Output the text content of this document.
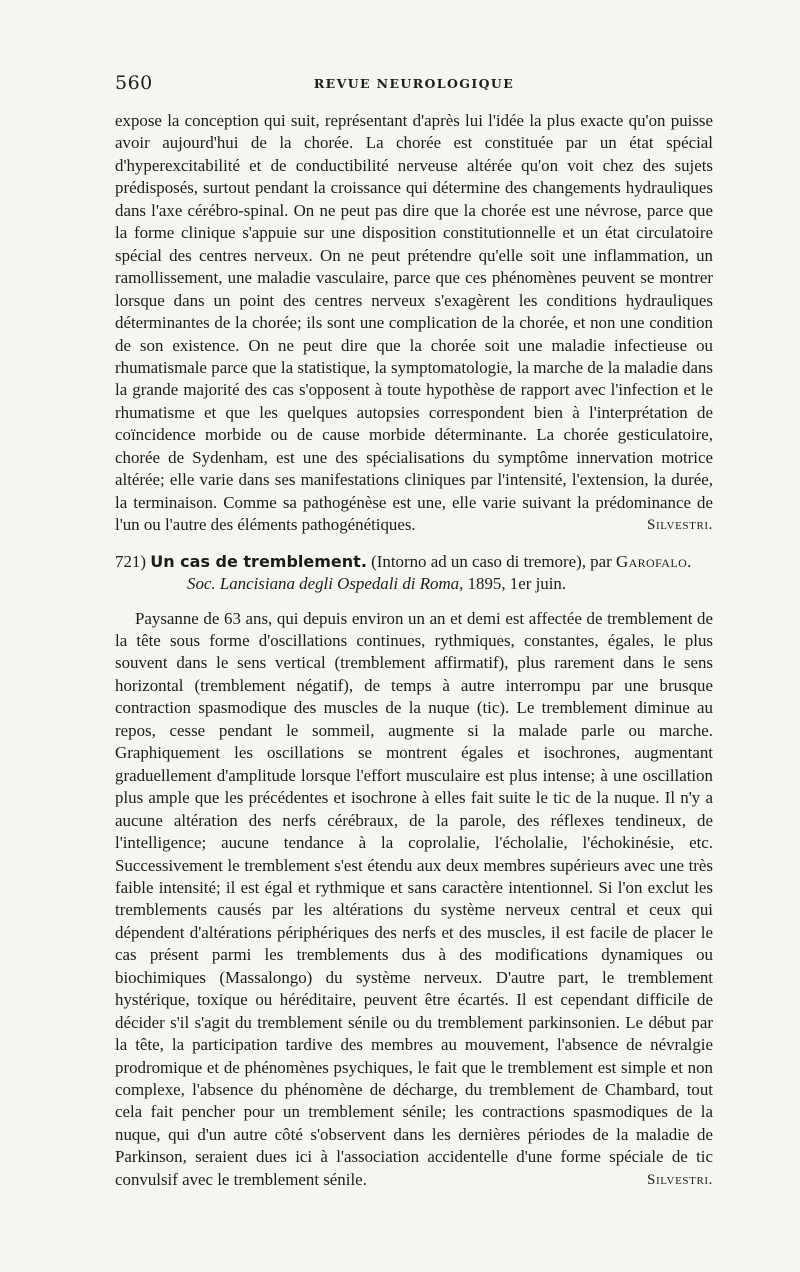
560	REVUE NEUROLOGIQUE

expose la conception qui suit, représentant d'après lui l'idée la plus exacte qu'on puisse avoir aujourd'hui de la chorée. La chorée est constituée par un état spécial d'hyperexcitabilité et de conductibilité nerveuse altérée qu'on voit chez des sujets prédisposés, surtout pendant la croissance qui détermine des changements hydrauliques dans l'axe cérébro-spinal. On ne peut pas dire que la chorée est une névrose, parce que la forme clinique s'appuie sur une disposition constitutionnelle et un état circulatoire spécial des centres nerveux. On ne peut prétendre qu'elle soit une inflammation, un ramollissement, une maladie vasculaire, parce que ces phénomènes peuvent se montrer lorsque dans un point des centres nerveux s'exagèrent les conditions hydrauliques déterminantes de la chorée; ils sont une complication de la chorée, et non une condition de son existence. On ne peut dire que la chorée soit une maladie infectieuse ou rhumatismale parce que la statistique, la symptomatologie, la marche de la maladie dans la grande majorité des cas s'opposent à toute hypothèse de rapport avec l'infection et le rhumatisme et que les quelques autopsies correspondent bien à l'interprétation de coïncidence morbide ou de cause morbide déterminante. La chorée gesticulatoire, chorée de Sydenham, est une des spécialisations du symptôme innervation motrice altérée; elle varie dans ses manifestations cliniques par l'intensité, l'extension, la durée, la terminaison. Comme sa pathogénèse est une, elle varie suivant la prédominance de l'un ou l'autre des éléments pathogénétiques.	Silvestri.

721) Un cas de tremblement. (Intorno ad un caso di tremore), par Garofalo.
Soc. Lancisiana degli Ospedali di Roma, 1895, 1er juin.

Paysanne de 63 ans, qui depuis environ un an et demi est affectée de tremblement de la tête sous forme d'oscillations continues, rythmiques, constantes, égales, le plus souvent dans le sens vertical (tremblement affirmatif), plus rarement dans le sens horizontal (tremblement négatif), de temps à autre interrompu par une brusque contraction spasmodique des muscles de la nuque (tic). Le tremblement diminue au repos, cesse pendant le sommeil, augmente si la malade parle ou marche. Graphiquement les oscillations se montrent égales et isochrones, augmentant graduellement d'amplitude lorsque l'effort musculaire est plus intense; à une oscillation plus ample que les précédentes et isochrone à elles fait suite le tic de la nuque. Il n'y a aucune altération des nerfs cérébraux, de la parole, des réflexes tendineux, de l'intelligence; aucune tendance à la coprolalie, l'écholalie, l'échokinésie, etc. Successivement le tremblement s'est étendu aux deux membres supérieurs avec une très faible intensité; il est égal et rythmique et sans caractère intentionnel. Si l'on exclut les tremblements causés par les altérations du système nerveux central et ceux qui dépendent d'altérations périphériques des nerfs et des muscles, il est facile de placer le cas présent parmi les tremblements dus à des modifications dynamiques ou biochimiques (Massalongo) du système nerveux. D'autre part, le tremblement hystérique, toxique ou héréditaire, peuvent être écartés. Il est cependant difficile de décider s'il s'agit du tremblement sénile ou du tremblement parkinsonien. Le début par la tête, la participation tardive des membres au mouvement, l'absence de névralgie prodromique et de phénomènes psychiques, le fait que le tremblement est simple et non complexe, l'absence du phénomène de décharge, du tremblement de Chambard, tout cela fait pencher pour un tremblement sénile; les contractions spasmodiques de la nuque, qui d'un autre côté s'observent dans les dernières périodes de la maladie de Parkinson, seraient dues ici à l'association accidentelle d'une forme spéciale de tic convulsif avec le tremblement sénile.	Silvestri.
